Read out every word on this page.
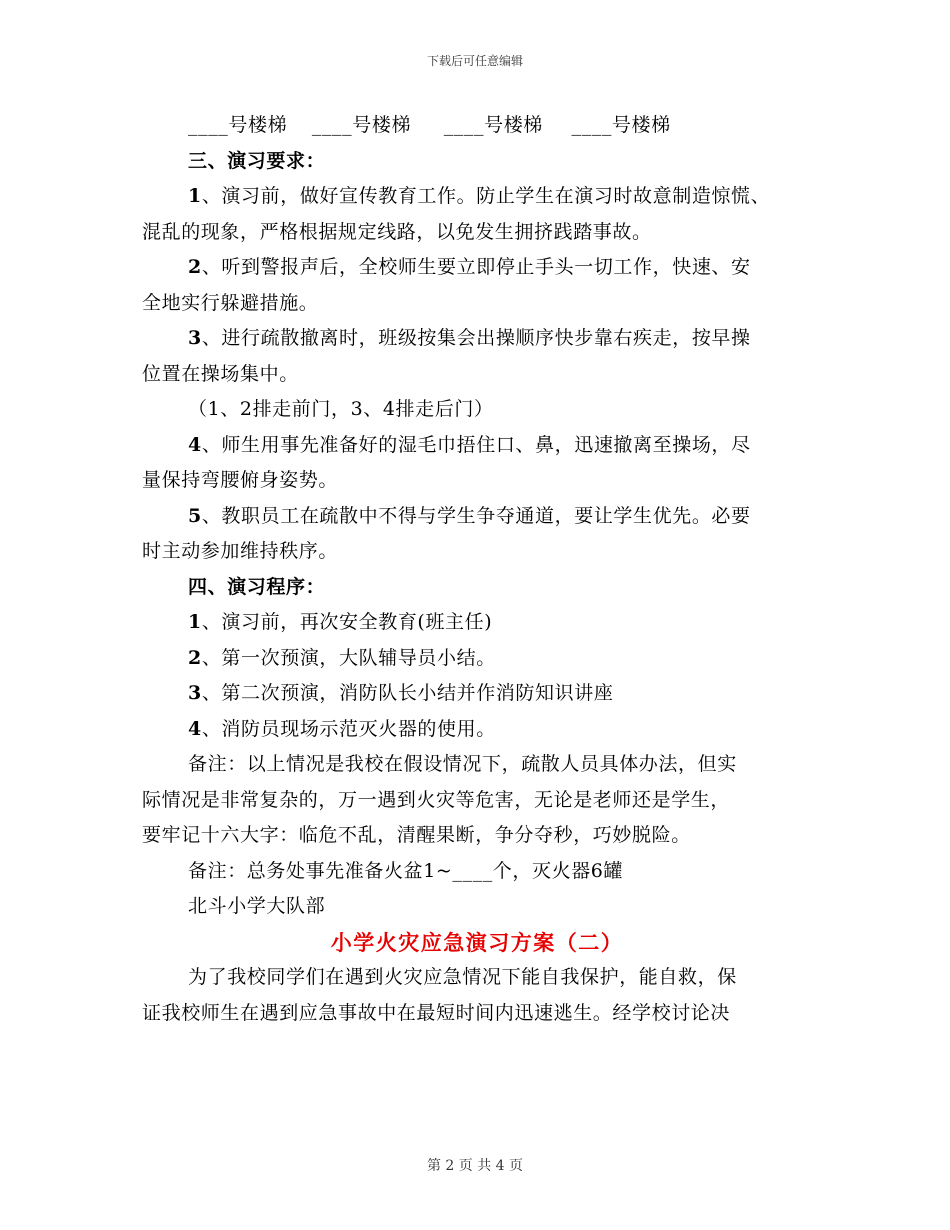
下载后可任意编辑
____号楼梯 ____号楼梯 ____号楼梯 ____号楼梯
三、演习要求：
1、演习前，做好宣传教育工作。防止学生在演习时故意制造惊慌、
混乱的现象，严格根据规定线路，以免发生拥挤践踏事故。
2、听到警报声后，全校师生要立即停止手头一切工作，快速、安
全地实行躲避措施。
3、进行疏散撤离时，班级按集会出操顺序快步靠右疾走，按早操
位置在操场集中。
（1、2排走前门，3、4排走后门）
4、师生用事先准备好的湿毛巾捂住口、鼻，迅速撤离至操场，尽
量保持弯腰俯身姿势。
5、教职员工在疏散中不得与学生争夺通道，要让学生优先。必要
时主动参加维持秩序。
四、演习程序：
1、演习前，再次安全教育(班主任)
2、第一次预演，大队辅导员小结。
3、第二次预演，消防队长小结并作消防知识讲座
4、消防员现场示范灭火器的使用。
备注：以上情况是我校在假设情况下，疏散人员具体办法，但实
际情况是非常复杂的，万一遇到火灾等危害，无论是老师还是学生，
要牢记十六大字：临危不乱，清醒果断，争分夺秒，巧妙脱险。
备注：总务处事先准备火盆1~____个，灭火器6罐
北斗小学大队部
小学火灾应急演习方案（二）
为了我校同学们在遇到火灾应急情况下能自我保护，能自救，保
证我校师生在遇到应急事故中在最短时间内迅速逃生。经学校讨论决
第 2 页 共 4 页
